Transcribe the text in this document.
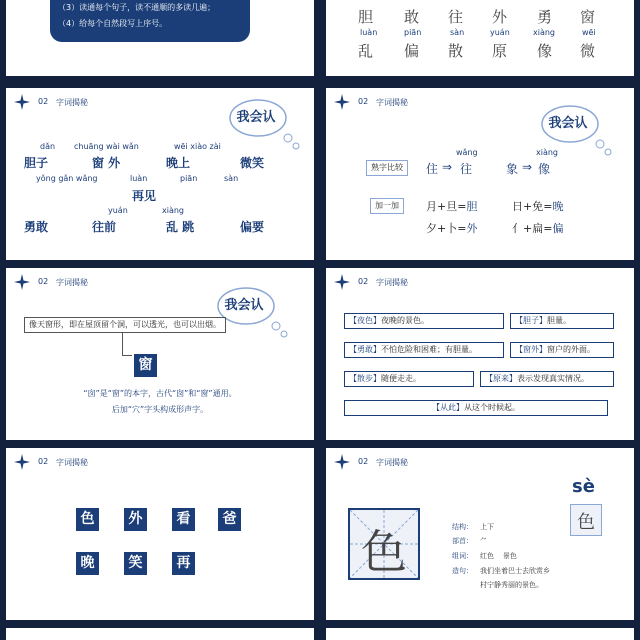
（3）读通每个句子，读不通顺的多读几遍；
（4）给每个自然段写上序号。	胆 敢 往 外 勇 窗
luàn	piān	sàn	yuán	xiàng	wēi
乱 偏 散 原 像 微
02 字词揭秘
我会认
dǎn chuāng wài wǎn	wēi xiào zài
胆子	窗 外	晚上	微笑
yǒng gǎn wǎng	luàn	piān	sàn
再见
yuán	xiàng
勇敢	往前	乱 跳	偏要
02 字词揭秘
我会认
wǎng	xiàng
熟字比较	住 ⇒ 往	象 ⇒ 像
加一加	月+旦=胆	日+免=晚
夕+卜=外	亻+扁=偏
02 字词揭秘
我会认
像天窗形，即在屋顶留个洞，可以透光，也可以出烟。
窗
“囱”是“窗”的本字，古代“囱”和“窗”通用。
后加“穴”字头构成形声字。
02 字词揭秘
【夜色】夜晚的景色。	【胆子】胆量。
【勇敢】不怕危险和困难；有胆量。	【窗外】窗户的外面。
【散步】随便走走。	【原来】表示发现真实情况。
【从此】从这个时候起。
02 字词揭秘
色	外	看	爸
晚	笑	再
02 字词揭秘
色	结构： 上下
部首： ⺈
组词： 红色    景色
造句： 我们坐着巴士去欣赏乡
村宁静秀丽的景色。
sè
色
